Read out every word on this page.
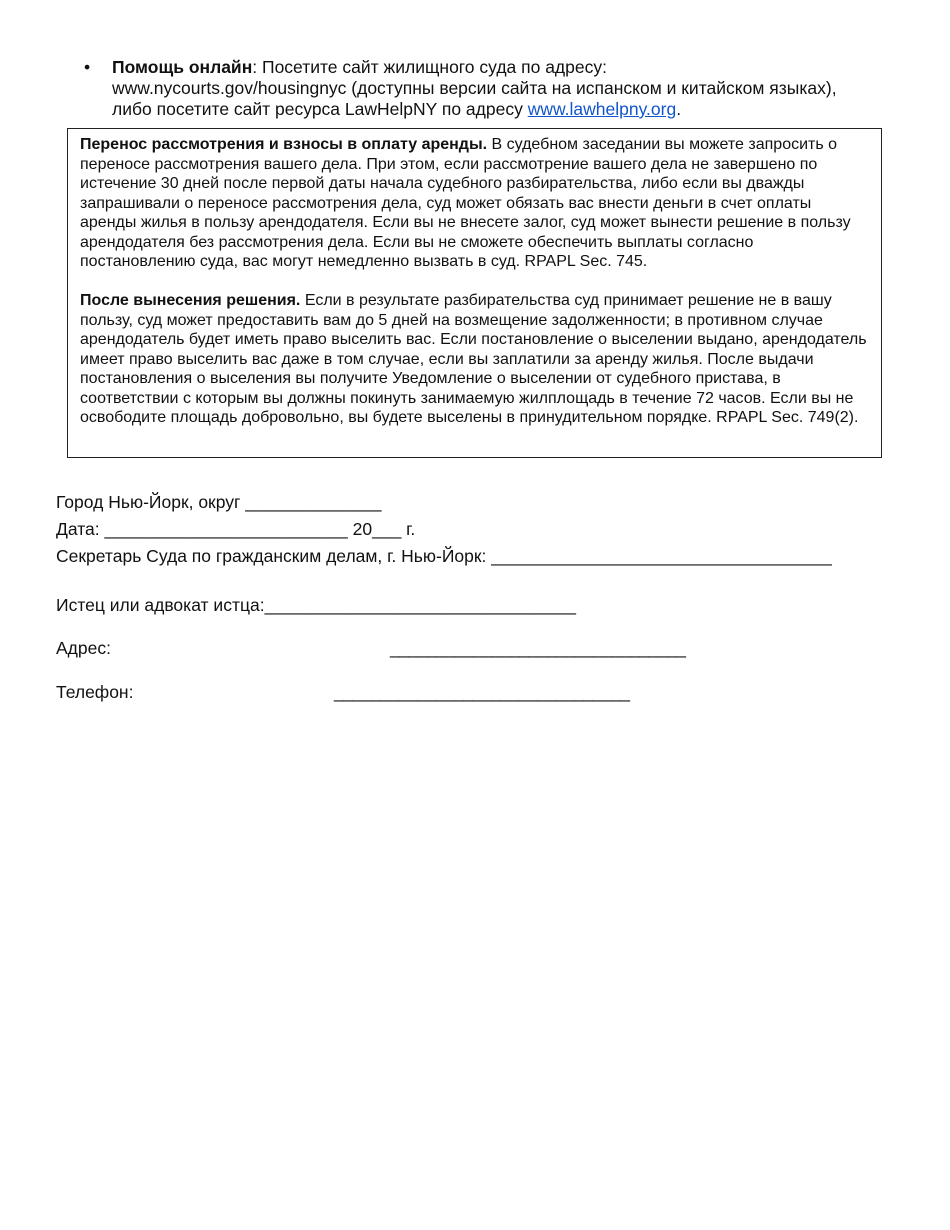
• Помощь онлайн: Посетите сайт жилищного суда по адресу:
www.nycourts.gov/housingnyc (доступны версии сайта на испанском и китайском языках),
либо посетите сайт ресурса LawHelpNY по адресу www.lawhelpny.org.

Перенос рассмотрения и взносы в оплату аренды. В судебном заседании вы можете запросить о переносе рассмотрения вашего дела. При этом, если рассмотрение вашего дела не завершено по истечение 30 дней после первой даты начала судебного разбирательства, либо если вы дважды запрашивали о переносе рассмотрения дела, суд может обязать вас внести деньги в счет оплаты аренды жилья в пользу арендодателя. Если вы не внесете залог, суд может вынести решение в пользу арендодателя без рассмотрения дела. Если вы не сможете обеспечить выплаты согласно постановлению суда, вас могут немедленно вызвать в суд. RPAPL Sec. 745.

После вынесения решения. Если в результате разбирательства суд принимает решение не в вашу пользу, суд может предоставить вам до 5 дней на возмещение задолженности; в противном случае арендодатель будет иметь право выселить вас. Если постановление о выселении выдано, арендодатель имеет право выселить вас даже в том случае, если вы заплатили за аренду жилья. После выдачи постановления о выселения вы получите Уведомление о выселении от судебного пристава, в соответствии с которым вы должны покинуть занимаемую жилплощадь в течение 72 часов. Если вы не освободите площадь добровольно, вы будете выселены в принудительном порядке. RPAPL Sec. 749(2).

Город Нью-Йорк, округ ______________
Дата: _________________________ 20___ г.
Секретарь Суда по гражданским делам, г. Нью-Йорк: ___________________________________
Истец или адвокат истца:________________________________
Адрес:	________________________________
Телефон:	________________________________
